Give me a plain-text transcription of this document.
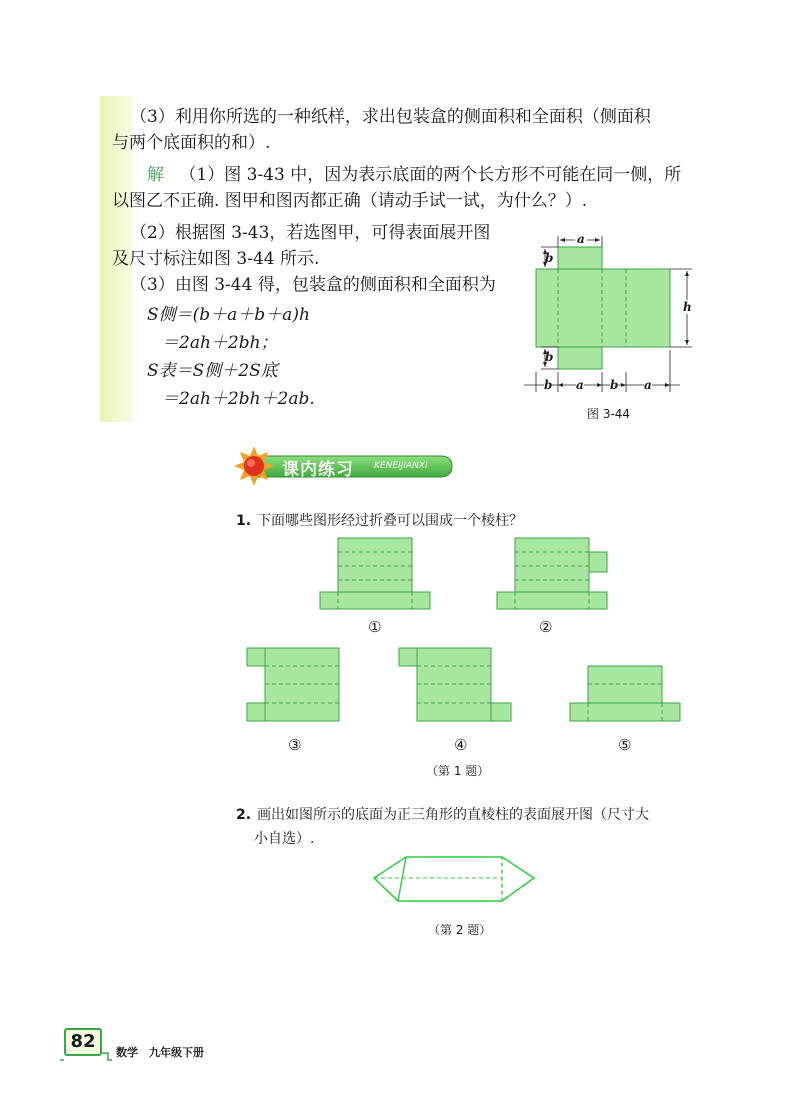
（3）利用你所选的一种纸样，求出包装盒的侧面积和全面积（侧面积
与两个底面积的和）.
解 （1）图 3-43 中，因为表示底面的两个长方形不可能在同一侧，所
以图乙不正确. 图甲和图丙都正确（请动手试一试，为什么？）.
（2）根据图 3-43，若选图甲，可得表面展开图
及尺寸标注如图 3-44 所示.
（3）由图 3-44 得，包装盒的侧面积和全面积为
S侧＝(b＋a＋b＋a)h
＝2ah＋2bh；
S表＝S侧＋2S底
＝2ah＋2bh＋2ab.
a
b
b
h
b a b a
图 3-44
课内练习 KENEIJIANXI
1. 下面哪些图形经过折叠可以围成一个棱柱？
①	②
③	④	⑤
（第 1 题）
2. 画出如图所示的底面为正三角形的直棱柱的表面展开图（尺寸大
小自选）.
（第 2 题）
82
数学　九年级下册
